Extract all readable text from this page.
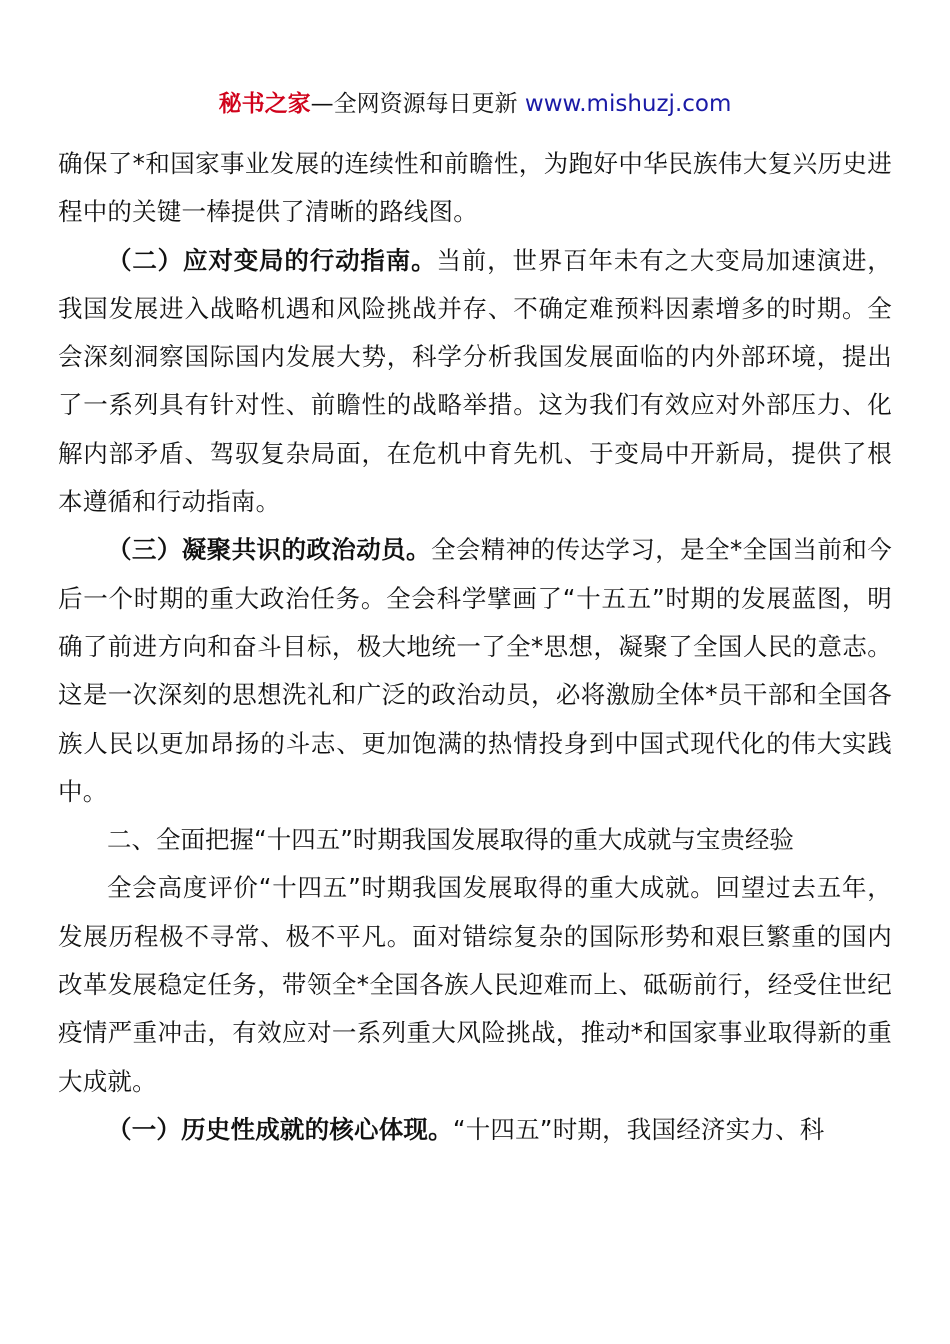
秘书之家—全网资源每日更新 www.mishuzj.com

确保了*和国家事业发展的连续性和前瞻性，为跑好中华民族伟大复兴历史进程中的关键一棒提供了清晰的路线图。

（二）应对变局的行动指南。当前，世界百年未有之大变局加速演进，我国发展进入战略机遇和风险挑战并存、不确定难预料因素增多的时期。全会深刻洞察国际国内发展大势，科学分析我国发展面临的内外部环境，提出了一系列具有针对性、前瞻性的战略举措。这为我们有效应对外部压力、化解内部矛盾、驾驭复杂局面，在危机中育先机、于变局中开新局，提供了根本遵循和行动指南。

（三）凝聚共识的政治动员。全会精神的传达学习，是全*全国当前和今后一个时期的重大政治任务。全会科学擘画了“十五五”时期的发展蓝图，明确了前进方向和奋斗目标，极大地统一了全*思想，凝聚了全国人民的意志。这是一次深刻的思想洗礼和广泛的政治动员，必将激励全体*员干部和全国各族人民以更加昂扬的斗志、更加饱满的热情投身到中国式现代化的伟大实践中。

二、全面把握“十四五”时期我国发展取得的重大成就与宝贵经验

全会高度评价“十四五”时期我国发展取得的重大成就。回望过去五年，发展历程极不寻常、极不平凡。面对错综复杂的国际形势和艰巨繁重的国内改革发展稳定任务，带领全*全国各族人民迎难而上、砥砺前行，经受住世纪疫情严重冲击，有效应对一系列重大风险挑战，推动*和国家事业取得新的重大成就。

（一）历史性成就的核心体现。“十四五”时期，我国经济实力、科
